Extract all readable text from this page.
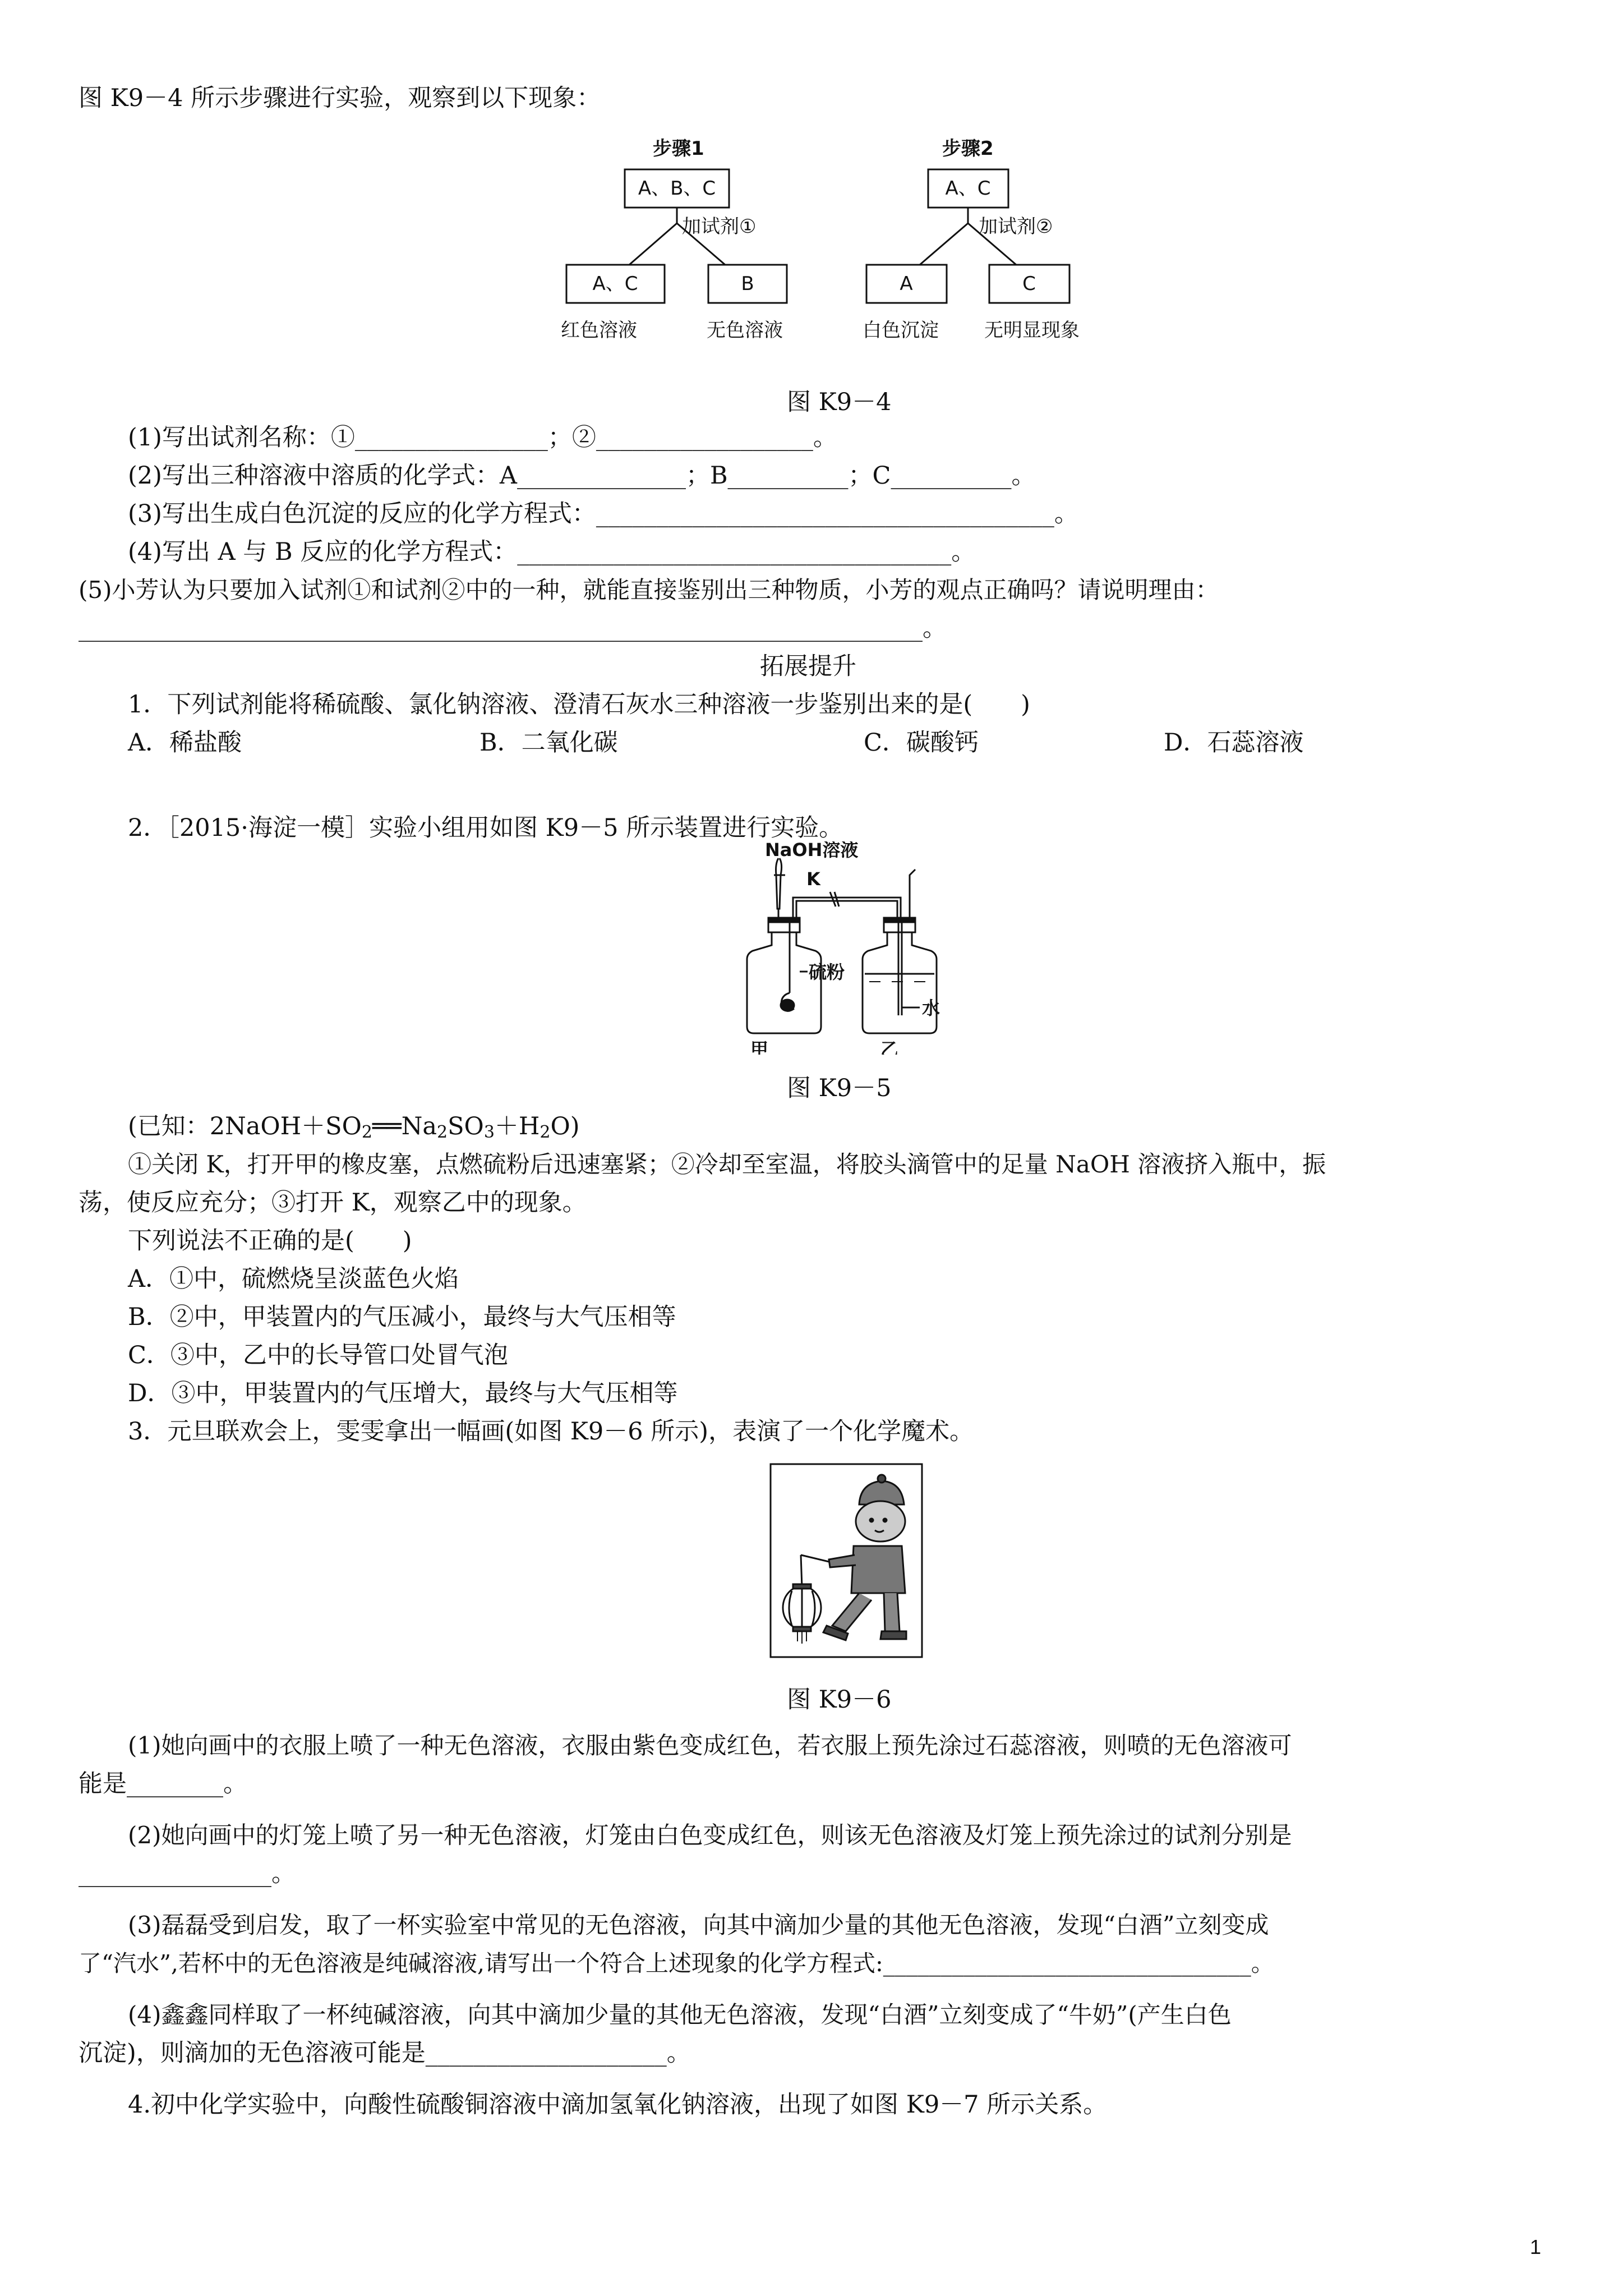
图 K9－4 所示步骤进行实验，观察到以下现象：
步骤1
A、B、C
加试剂①
A、C	B
红色溶液	无色溶液
步骤2
A、C
加试剂②
A	C
白色沉淀 无明显现象
图 K9－4
(1)写出试剂名称：①________________；②__________________。
(2)写出三种溶液中溶质的化学式：A______________；B__________；C__________。
(3)写出生成白色沉淀的反应的化学方程式：______________________________________。
(4)写出 A 与 B 反应的化学方程式：____________________________________。
(5)小芳认为只要加入试剂①和试剂②中的一种，就能直接鉴别出三种物质，小芳的观点正确吗？请说明理由：
______________________________________________________________________。
拓展提升
1．下列试剂能将稀硫酸、氯化钠溶液、澄清石灰水三种溶液一步鉴别出来的是(　　)
A．稀盐酸	B．二氧化碳	C．碳酸钙	D．石蕊溶液
2．［2015·海淀一模］实验小组用如图 K9－5 所示装置进行实验。
NaOH溶液
K
硫粉
水
甲	乙
图 K9－5
(已知：$2NaOH+SO_2══Na_2SO_3+H_2O$)
①关闭 K，打开甲的橡皮塞，点燃硫粉后迅速塞紧；②冷却至室温，将胶头滴管中的足量 NaOH 溶液挤入瓶中，振
荡，使反应充分；③打开 K，观察乙中的现象。
下列说法不正确的是(　　)
A．①中，硫燃烧呈淡蓝色火焰
B．②中，甲装置内的气压减小，最终与大气压相等
C．③中，乙中的长导管口处冒气泡
D．③中，甲装置内的气压增大，最终与大气压相等
3．元旦联欢会上，雯雯拿出一幅画(如图 K9－6 所示)，表演了一个化学魔术。
图 K9－6
(1)她向画中的衣服上喷了一种无色溶液，衣服由紫色变成红色，若衣服上预先涂过石蕊溶液，则喷的无色溶液可
能是________。
(2)她向画中的灯笼上喷了另一种无色溶液，灯笼由白色变成红色，则该无色溶液及灯笼上预先涂过的试剂分别是
________________。
(3)磊磊受到启发，取了一杯实验室中常见的无色溶液，向其中滴加少量的其他无色溶液，发现“白酒”立刻变成
了“汽水”,若杯中的无色溶液是纯碱溶液,请写出一个符合上述现象的化学方程式:________________________________。
(4)鑫鑫同样取了一杯纯碱溶液，向其中滴加少量的其他无色溶液，发现“白酒”立刻变成了“牛奶”(产生白色
沉淀)，则滴加的无色溶液可能是____________________。
4.初中化学实验中，向酸性硫酸铜溶液中滴加氢氧化钠溶液，出现了如图 K9－7 所示关系。
1
